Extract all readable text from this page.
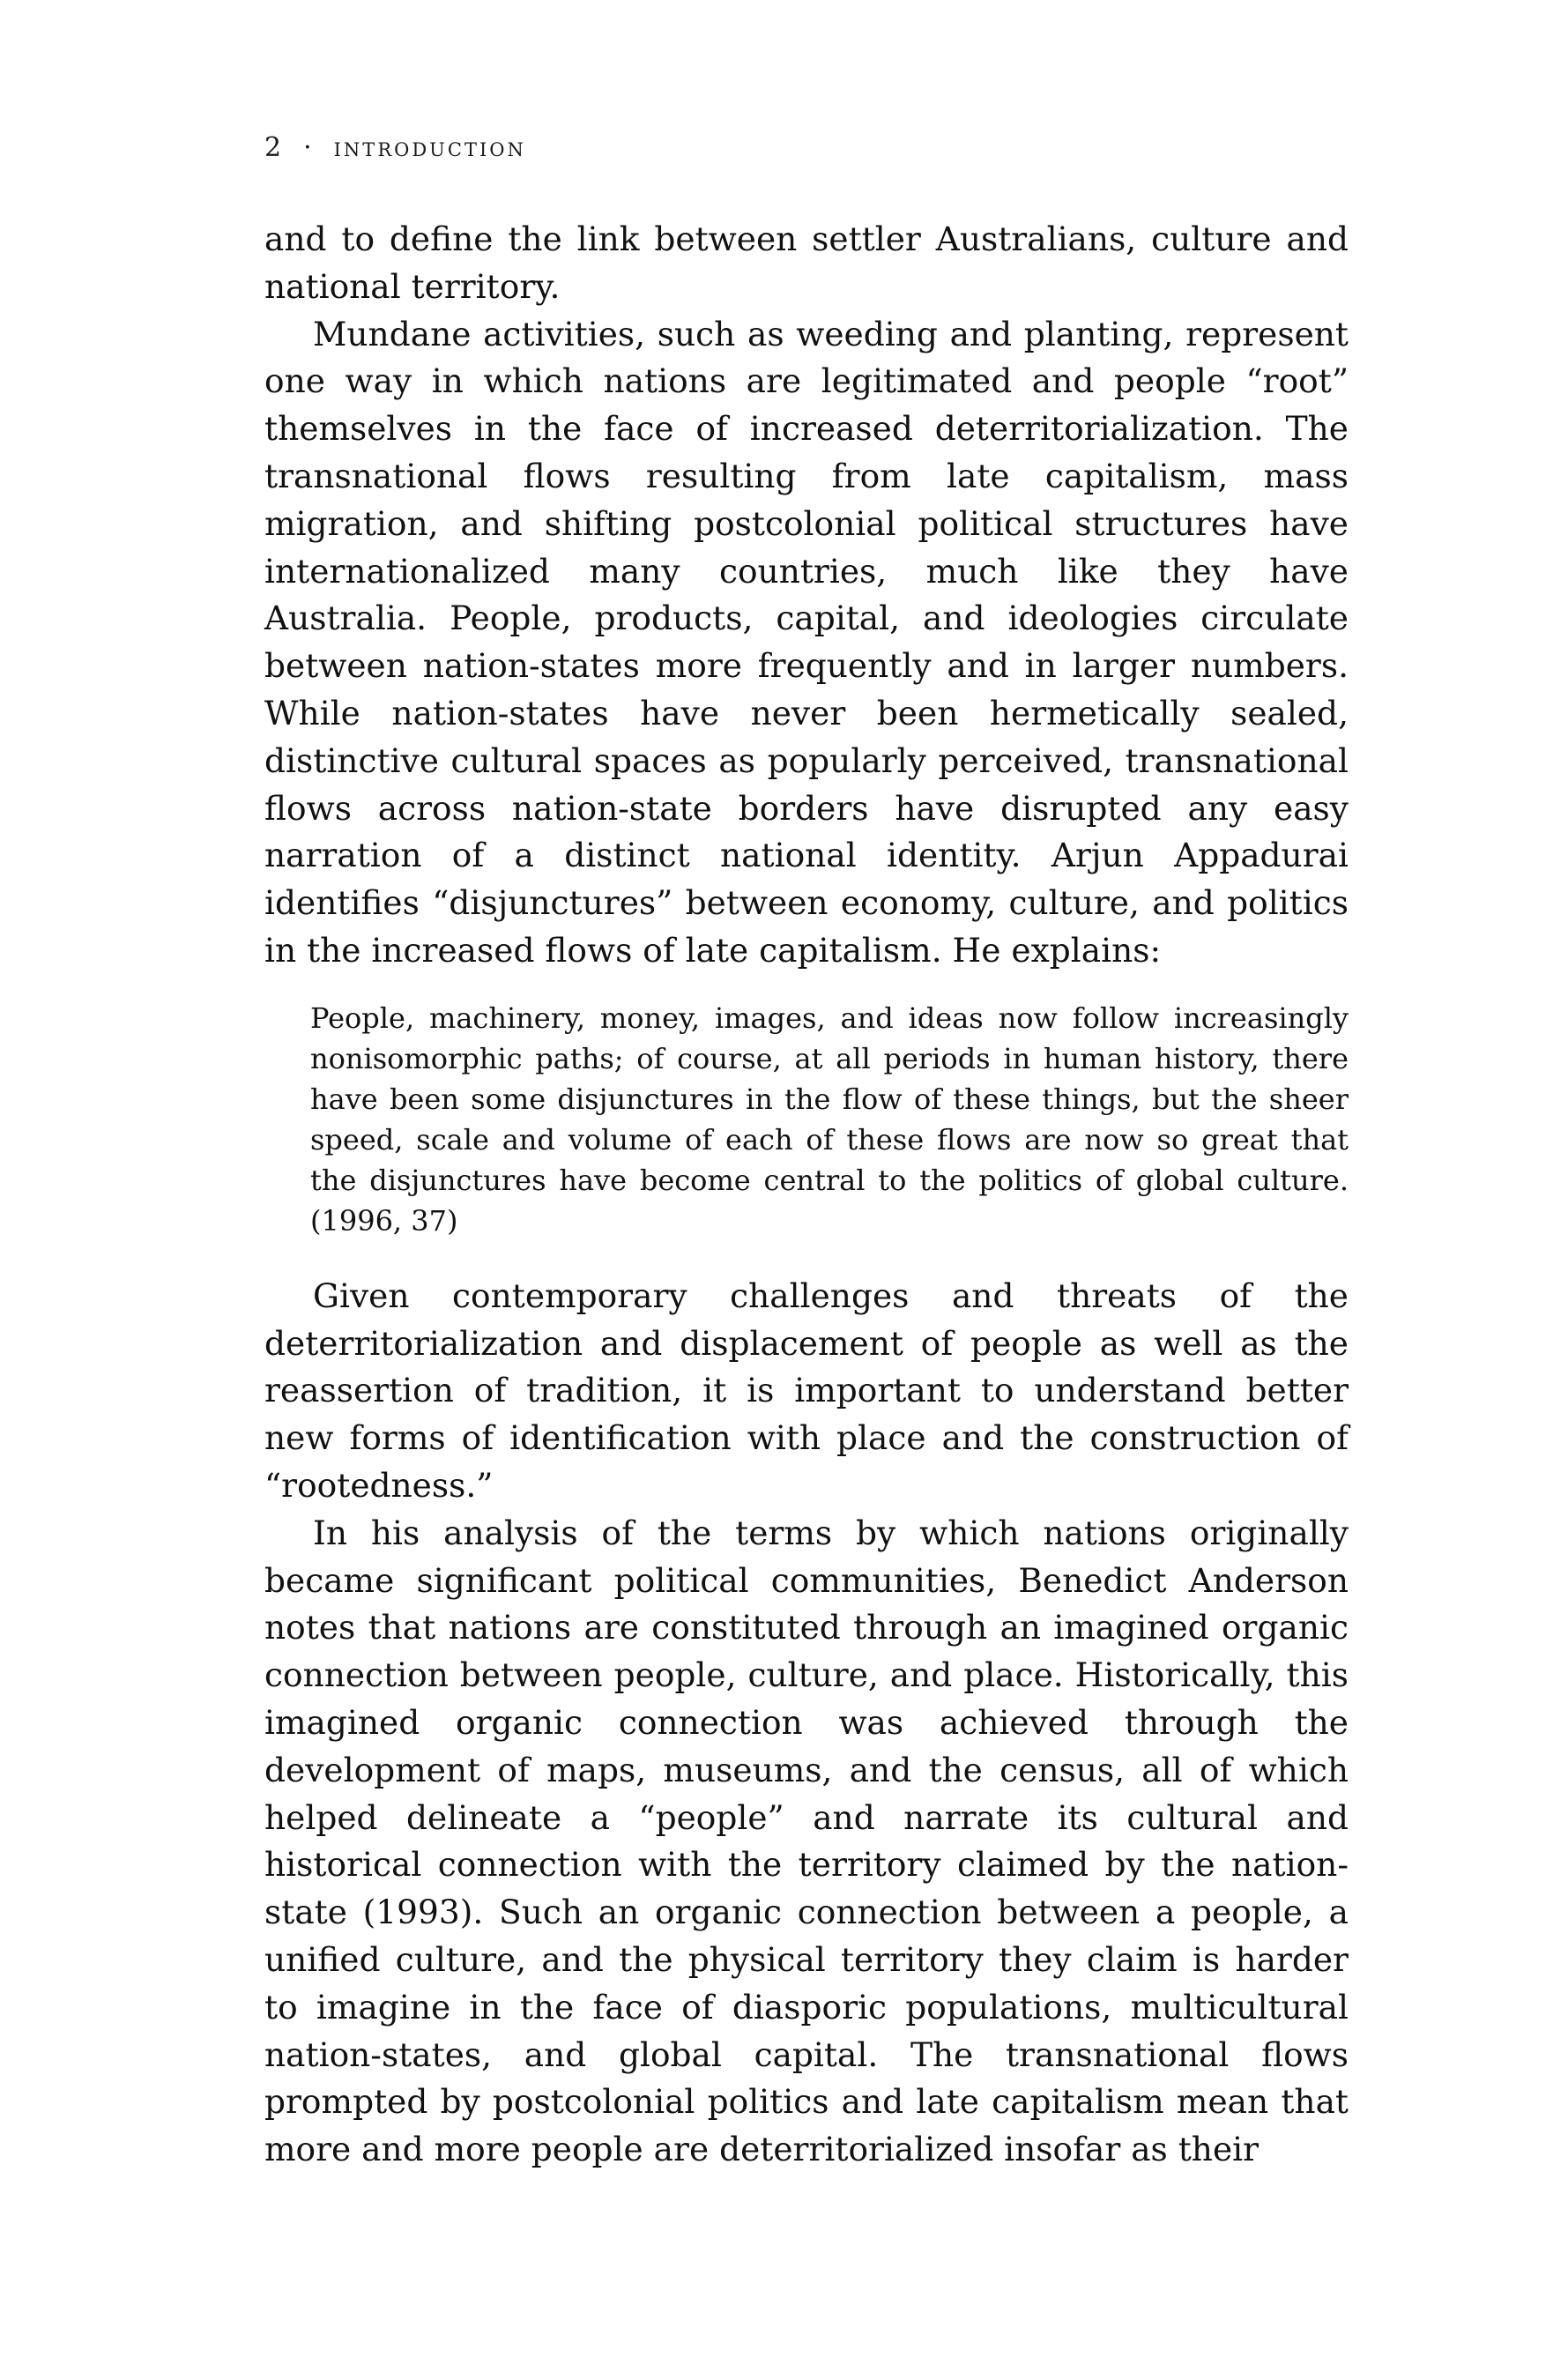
2 · introduction

and to define the link between settler Australians, culture and national territory.

Mundane activities, such as weeding and planting, represent one way in which nations are legitimated and people “root” themselves in the face of increased deterritorialization. The transnational flows resulting from late capitalism, mass migration, and shifting postcolonial political structures have internationalized many countries, much like they have Australia. People, products, capital, and ideologies circulate between nation-states more frequently and in larger numbers. While nation-states have never been hermetically sealed, distinctive cultural spaces as popularly perceived, transnational flows across nation-state borders have disrupted any easy narration of a distinct national identity. Arjun Appadurai identifies “disjunctures” between economy, culture, and politics in the increased flows of late capitalism. He explains:

People, machinery, money, images, and ideas now follow increasingly nonisomorphic paths; of course, at all periods in human history, there have been some disjunctures in the flow of these things, but the sheer speed, scale and volume of each of these flows are now so great that the disjunctures have become central to the politics of global culture. (1996, 37)

Given contemporary challenges and threats of the deterritorialization and displacement of people as well as the reassertion of tradition, it is important to understand better new forms of identification with place and the construction of “rootedness.”

In his analysis of the terms by which nations originally became significant political communities, Benedict Anderson notes that nations are constituted through an imagined organic connection between people, culture, and place. Historically, this imagined organic connection was achieved through the development of maps, museums, and the census, all of which helped delineate a “people” and narrate its cultural and historical connection with the territory claimed by the nation-state (1993). Such an organic connection between a people, a unified culture, and the physical territory they claim is harder to imagine in the face of diasporic populations, multicultural nation-states, and global capital. The transnational flows prompted by postcolonial politics and late capitalism mean that more and more people are deterritorialized insofar as their
